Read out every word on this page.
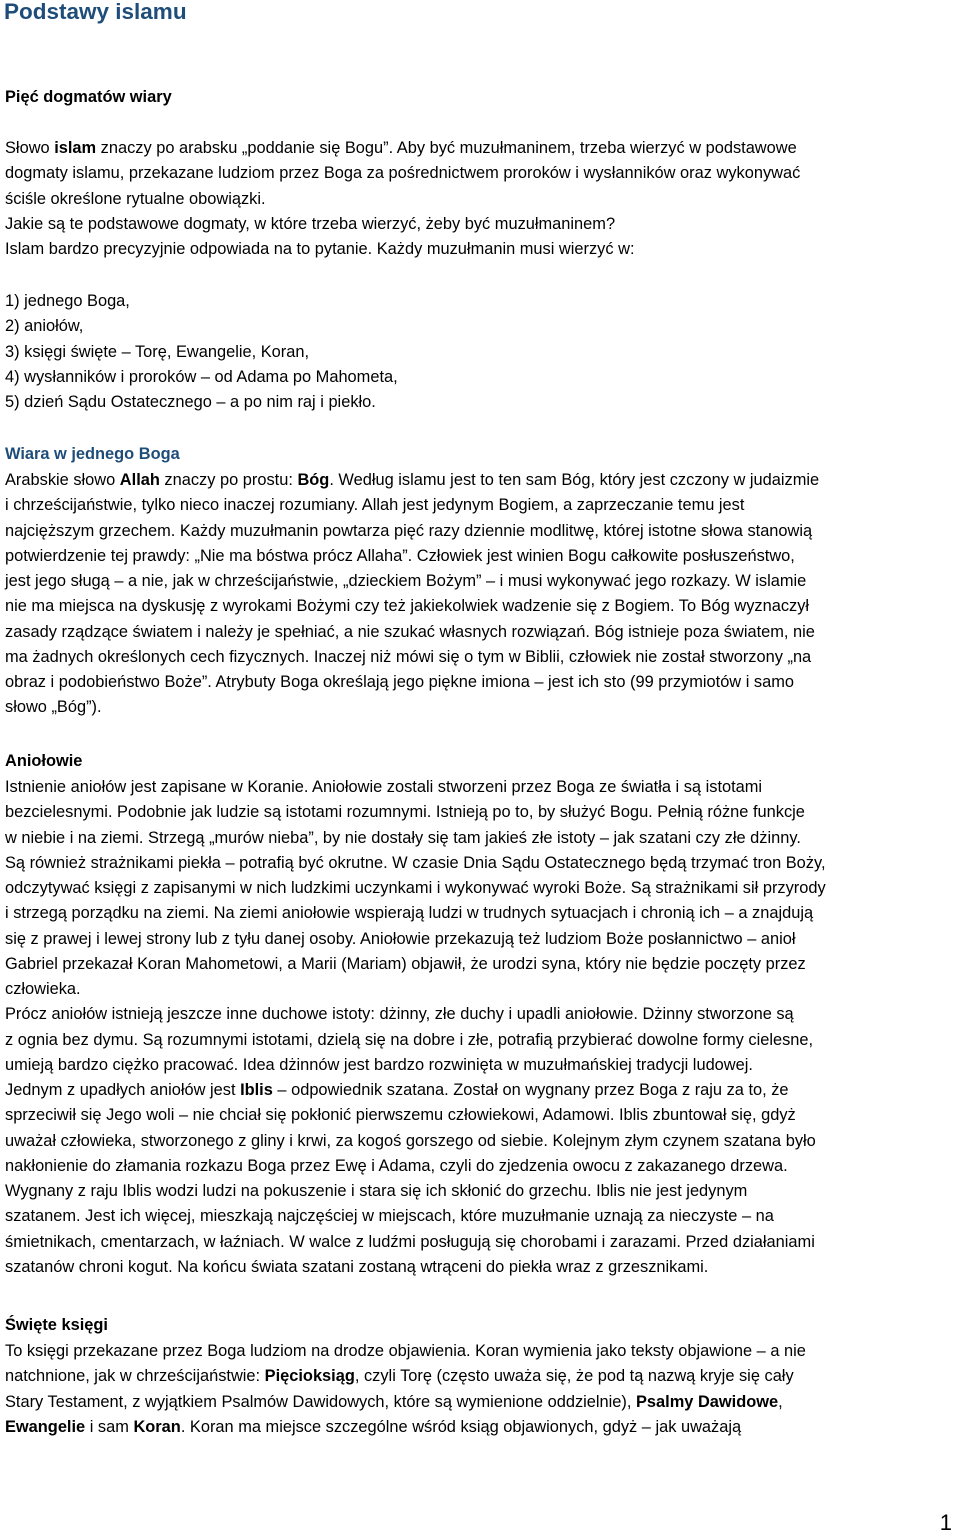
Podstawy islamu
Pięć dogmatów wiary
Słowo islam znaczy po arabsku „poddanie się Bogu”. Aby być muzułmaninem, trzeba wierzyć w podstawowe
dogmaty islamu, przekazane ludziom przez Boga za pośrednictwem proroków i wysłanników oraz wykonywać
ściśle określone rytualne obowiązki.
Jakie są te podstawowe dogmaty, w które trzeba wierzyć, żeby być muzułmaninem?
Islam bardzo precyzyjnie odpowiada na to pytanie. Każdy muzułmanin musi wierzyć w:
1) jednego Boga,
2) aniołów,
3) księgi święte – Torę, Ewangelie, Koran,
4) wysłanników i proroków – od Adama po Mahometa,
5) dzień Sądu Ostatecznego – a po nim raj i piekło.
Wiara w jednego Boga
Arabskie słowo Allah znaczy po prostu: Bóg. Według islamu jest to ten sam Bóg, który jest czczony w judaizmie
i chrześcijaństwie, tylko nieco inaczej rozumiany. Allah jest jedynym Bogiem, a zaprzeczanie temu jest
najcięższym grzechem. Każdy muzułmanin powtarza pięć razy dziennie modlitwę, której istotne słowa stanowią
potwierdzenie tej prawdy: „Nie ma bóstwa prócz Allaha”. Człowiek jest winien Bogu całkowite posłuszeństwo,
jest jego sługą – a nie, jak w chrześcijaństwie, „dzieckiem Bożym” – i musi wykonywać jego rozkazy. W islamie
nie ma miejsca na dyskusję z wyrokami Bożymi czy też jakiekolwiek wadzenie się z Bogiem. To Bóg wyznaczył
zasady rządzące światem i należy je spełniać, a nie szukać własnych rozwiązań. Bóg istnieje poza światem, nie
ma żadnych określonych cech fizycznych. Inaczej niż mówi się o tym w Biblii, człowiek nie został stworzony „na
obraz i podobieństwo Boże”. Atrybuty Boga określają jego piękne imiona – jest ich sto (99 przymiotów i samo
słowo „Bóg”).
Aniołowie
Istnienie aniołów jest zapisane w Koranie. Aniołowie zostali stworzeni przez Boga ze światła i są istotami
bezcielesnymi. Podobnie jak ludzie są istotami rozumnymi. Istnieją po to, by służyć Bogu. Pełnią różne funkcje
w niebie i na ziemi. Strzegą „murów nieba”, by nie dostały się tam jakieś złe istoty – jak szatani czy złe dżinny.
Są również strażnikami piekła – potrafią być okrutne. W czasie Dnia Sądu Ostatecznego będą trzymać tron Boży,
odczytywać księgi z zapisanymi w nich ludzkimi uczynkami i wykonywać wyroki Boże. Są strażnikami sił przyrody
i strzegą porządku na ziemi. Na ziemi aniołowie wspierają ludzi w trudnych sytuacjach i chronią ich – a znajdują
się z prawej i lewej strony lub z tyłu danej osoby. Aniołowie przekazują też ludziom Boże posłannictwo – anioł
Gabriel przekazał Koran Mahometowi, a Marii (Mariam) objawił, że urodzi syna, który nie będzie poczęty przez
człowieka.
Prócz aniołów istnieją jeszcze inne duchowe istoty: dżinny, złe duchy i upadli aniołowie. Dżinny stworzone są
z ognia bez dymu. Są rozumnymi istotami, dzielą się na dobre i złe, potrafią przybierać dowolne formy cielesne,
umieją bardzo ciężko pracować. Idea dżinnów jest bardzo rozwinięta w muzułmańskiej tradycji ludowej.
Jednym z upadłych aniołów jest Iblis – odpowiednik szatana. Został on wygnany przez Boga z raju za to, że
sprzeciwił się Jego woli – nie chciał się pokłonić pierwszemu człowiekowi, Adamowi. Iblis zbuntował się, gdyż
uważał człowieka, stworzonego z gliny i krwi, za kogoś gorszego od siebie. Kolejnym złym czynem szatana było
nakłonienie do złamania rozkazu Boga przez Ewę i Adama, czyli do zjedzenia owocu z zakazanego drzewa.
Wygnany z raju Iblis wodzi ludzi na pokuszenie i stara się ich skłonić do grzechu. Iblis nie jest jedynym
szatanem. Jest ich więcej, mieszkają najczęściej w miejscach, które muzułmanie uznają za nieczyste – na
śmietnikach, cmentarzach, w łaźniach. W walce z ludźmi posługują się chorobami i zarazami. Przed działaniami
szatanów chroni kogut. Na końcu świata szatani zostaną wtrąceni do piekła wraz z grzesznikami.
Święte księgi
To księgi przekazane przez Boga ludziom na drodze objawienia. Koran wymienia jako teksty objawione – a nie
natchnione, jak w chrześcijaństwie: Pięcioksiąg, czyli Torę (często uważa się, że pod tą nazwą kryje się cały
Stary Testament, z wyjątkiem Psalmów Dawidowych, które są wymienione oddzielnie), Psalmy Dawidowe,
Ewangelie i sam Koran. Koran ma miejsce szczególne wśród ksiąg objawionych, gdyż – jak uważają
1
